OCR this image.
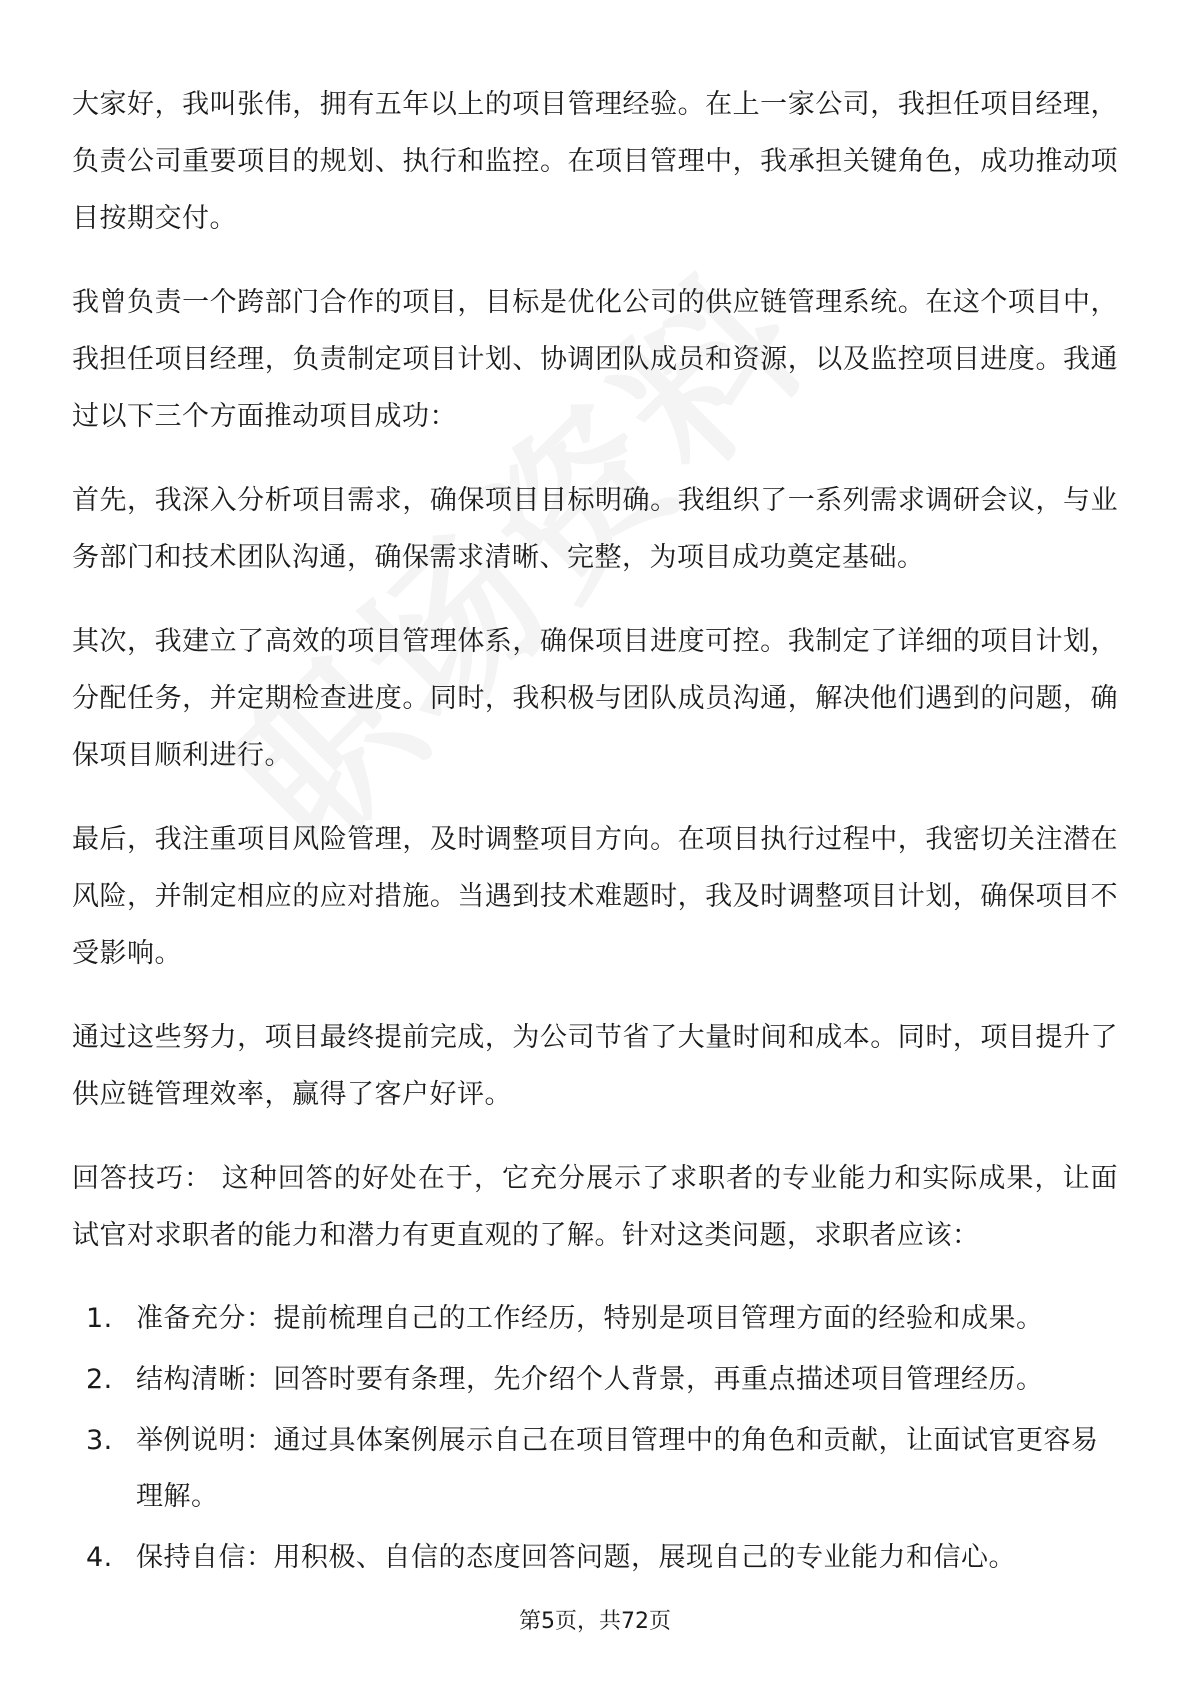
大家好，我叫张伟，拥有五年以上的项目管理经验。在上一家公司，我担任项目经理，负责公司重要项目的规划、执行和监控。在项目管理中，我承担关键角色，成功推动项目按期交付。

我曾负责一个跨部门合作的项目，目标是优化公司的供应链管理系统。在这个项目中，我担任项目经理，负责制定项目计划、协调团队成员和资源，以及监控项目进度。我通过以下三个方面推动项目成功：

首先，我深入分析项目需求，确保项目目标明确。我组织了一系列需求调研会议，与业务部门和技术团队沟通，确保需求清晰、完整，为项目成功奠定基础。

其次，我建立了高效的项目管理体系，确保项目进度可控。我制定了详细的项目计划，分配任务，并定期检查进度。同时，我积极与团队成员沟通，解决他们遇到的问题，确保项目顺利进行。

最后，我注重项目风险管理，及时调整项目方向。在项目执行过程中，我密切关注潜在风险，并制定相应的应对措施。当遇到技术难题时，我及时调整项目计划，确保项目不受影响。

通过这些努力，项目最终提前完成，为公司节省了大量时间和成本。同时，项目提升了供应链管理效率，赢得了客户好评。

回答技巧： 这种回答的好处在于，它充分展示了求职者的专业能力和实际成果，让面试官对求职者的能力和潜力有更直观的了解。针对这类问题，求职者应该：

1. 准备充分：提前梳理自己的工作经历，特别是项目管理方面的经验和成果。
2. 结构清晰：回答时要有条理，先介绍个人背景，再重点描述项目管理经历。
3. 举例说明：通过具体案例展示自己在项目管理中的角色和贡献，让面试官更容易理解。
4. 保持自信：用积极、自信的态度回答问题，展现自己的专业能力和信心。
第5页，共72页
